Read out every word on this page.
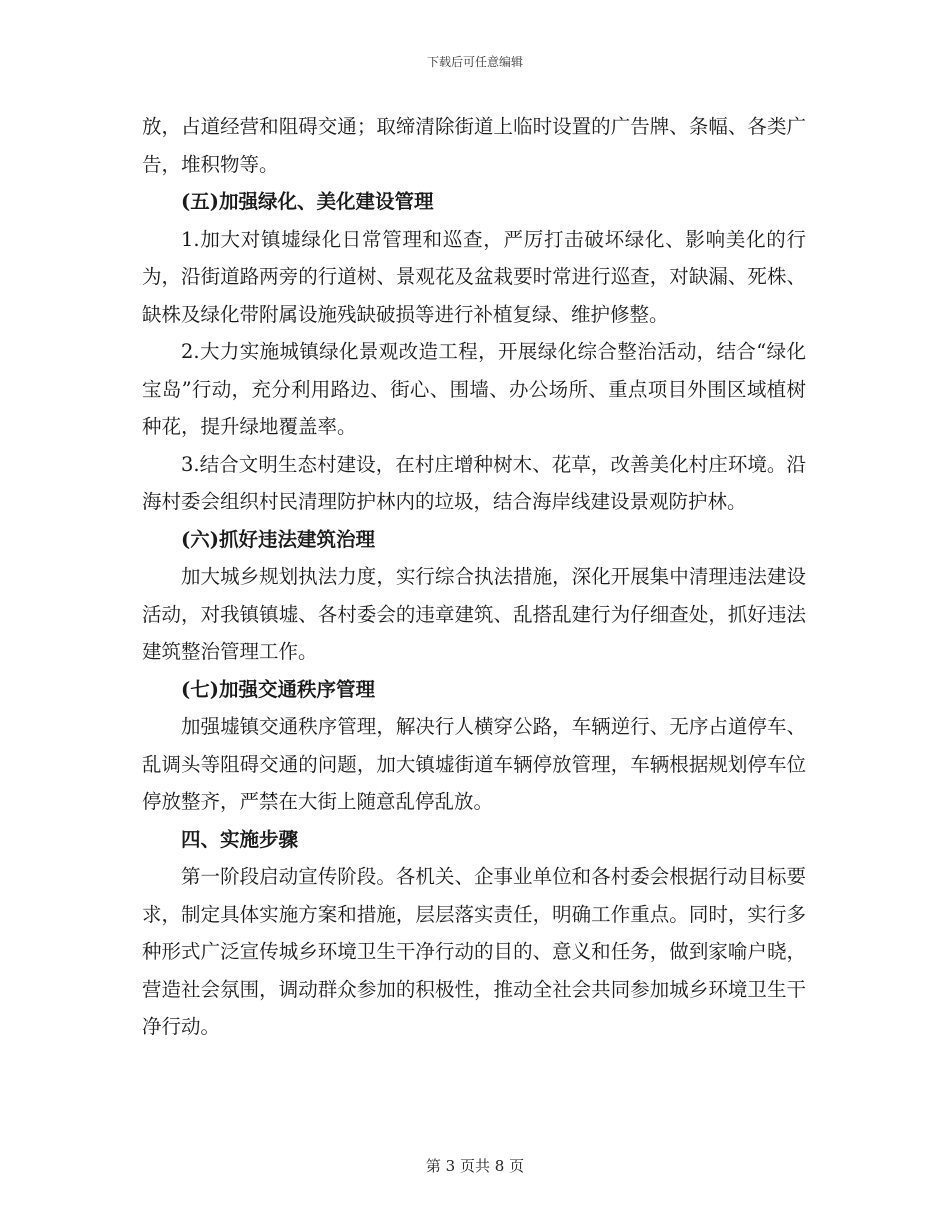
下载后可任意编辑

放，占道经营和阻碍交通；取缔清除街道上临时设置的广告牌、条幅、各类广告，堆积物等。

(五)加强绿化、美化建设管理

1.加大对镇墟绿化日常管理和巡查，严厉打击破坏绿化、影响美化的行为，沿街道路两旁的行道树、景观花及盆栽要时常进行巡查，对缺漏、死株、缺株及绿化带附属设施残缺破损等进行补植复绿、维护修整。

2.大力实施城镇绿化景观改造工程，开展绿化综合整治活动，结合“绿化宝岛”行动，充分利用路边、街心、围墙、办公场所、重点项目外围区域植树种花，提升绿地覆盖率。

3.结合文明生态村建设，在村庄增种树木、花草，改善美化村庄环境。沿海村委会组织村民清理防护林内的垃圾，结合海岸线建设景观防护林。

(六)抓好违法建筑治理

加大城乡规划执法力度，实行综合执法措施，深化开展集中清理违法建设活动，对我镇镇墟、各村委会的违章建筑、乱搭乱建行为仔细查处，抓好违法建筑整治管理工作。

(七)加强交通秩序管理

加强墟镇交通秩序管理，解决行人横穿公路，车辆逆行、无序占道停车、乱调头等阻碍交通的问题，加大镇墟街道车辆停放管理，车辆根据规划停车位停放整齐，严禁在大街上随意乱停乱放。

四、实施步骤

第一阶段启动宣传阶段。各机关、企事业单位和各村委会根据行动目标要求，制定具体实施方案和措施，层层落实责任，明确工作重点。同时，实行多种形式广泛宣传城乡环境卫生干净行动的目的、意义和任务，做到家喻户晓，营造社会氛围，调动群众参加的积极性，推动全社会共同参加城乡环境卫生干净行动。

第 3 页共 8 页
